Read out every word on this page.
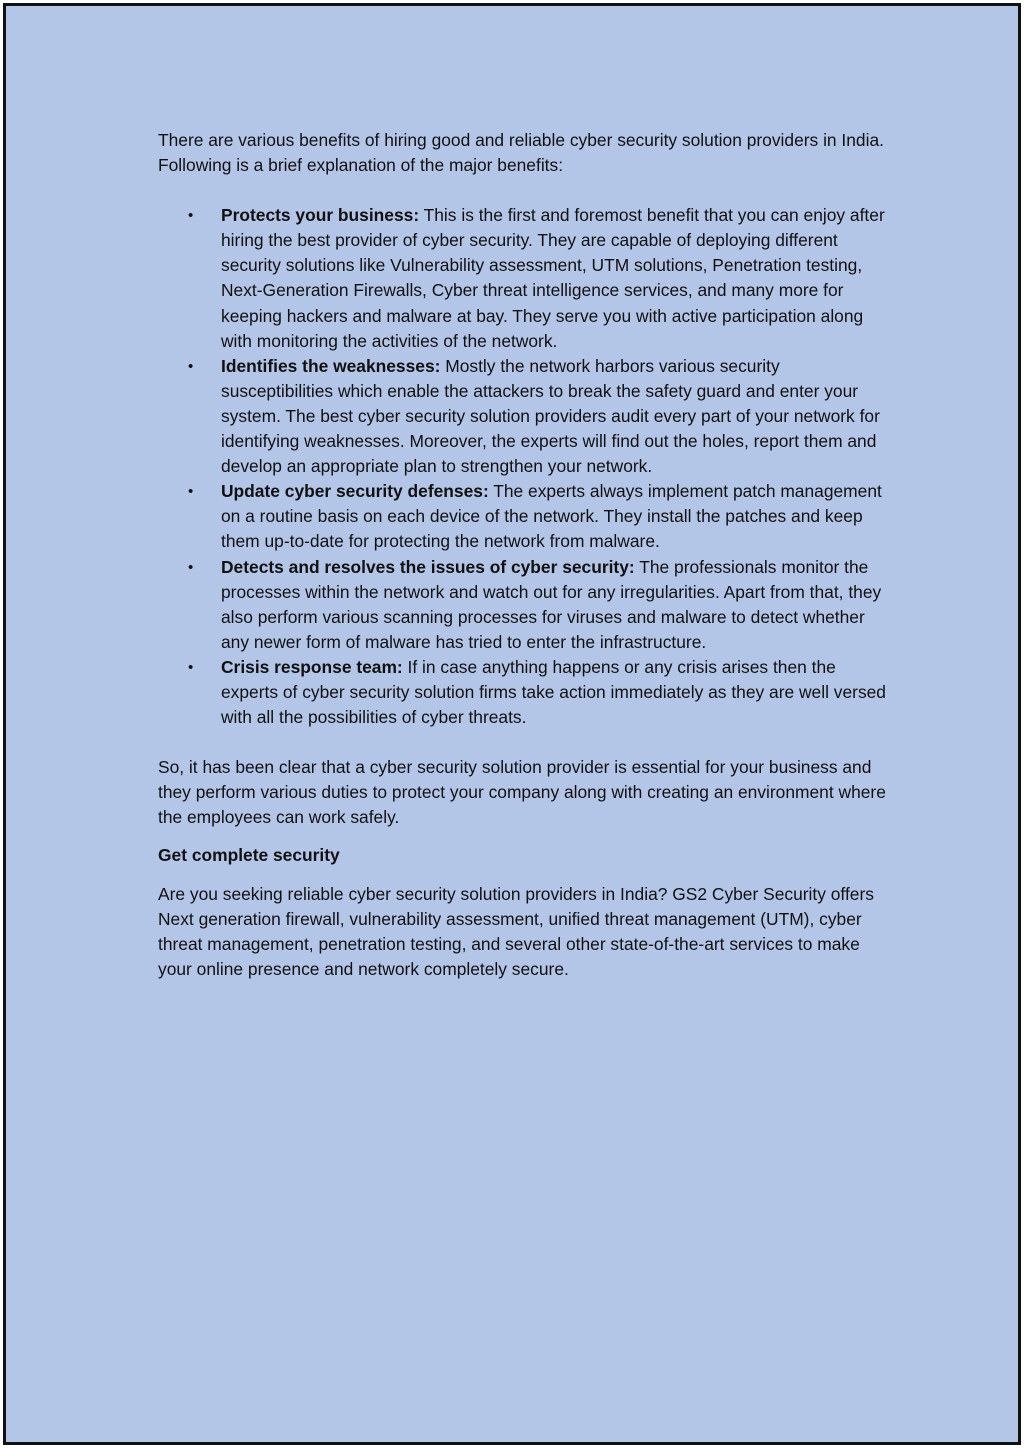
There are various benefits of hiring good and reliable cyber security solution providers in India. Following is a brief explanation of the major benefits:

• Protects your business: This is the first and foremost benefit that you can enjoy after hiring the best provider of cyber security. They are capable of deploying different security solutions like Vulnerability assessment, UTM solutions, Penetration testing, Next-Generation Firewalls, Cyber threat intelligence services, and many more for keeping hackers and malware at bay. They serve you with active participation along with monitoring the activities of the network.
• Identifies the weaknesses: Mostly the network harbors various security susceptibilities which enable the attackers to break the safety guard and enter your system. The best cyber security solution providers audit every part of your network for identifying weaknesses. Moreover, the experts will find out the holes, report them and develop an appropriate plan to strengthen your network.
• Update cyber security defenses: The experts always implement patch management on a routine basis on each device of the network. They install the patches and keep them up-to-date for protecting the network from malware.
• Detects and resolves the issues of cyber security: The professionals monitor the processes within the network and watch out for any irregularities. Apart from that, they also perform various scanning processes for viruses and malware to detect whether any newer form of malware has tried to enter the infrastructure.
• Crisis response team: If in case anything happens or any crisis arises then the experts of cyber security solution firms take action immediately as they are well versed with all the possibilities of cyber threats.

So, it has been clear that a cyber security solution provider is essential for your business and they perform various duties to protect your company along with creating an environment where the employees can work safely.

Get complete security

Are you seeking reliable cyber security solution providers in India? GS2 Cyber Security offers Next generation firewall, vulnerability assessment, unified threat management (UTM), cyber threat management, penetration testing, and several other state-of-the-art services to make your online presence and network completely secure.
